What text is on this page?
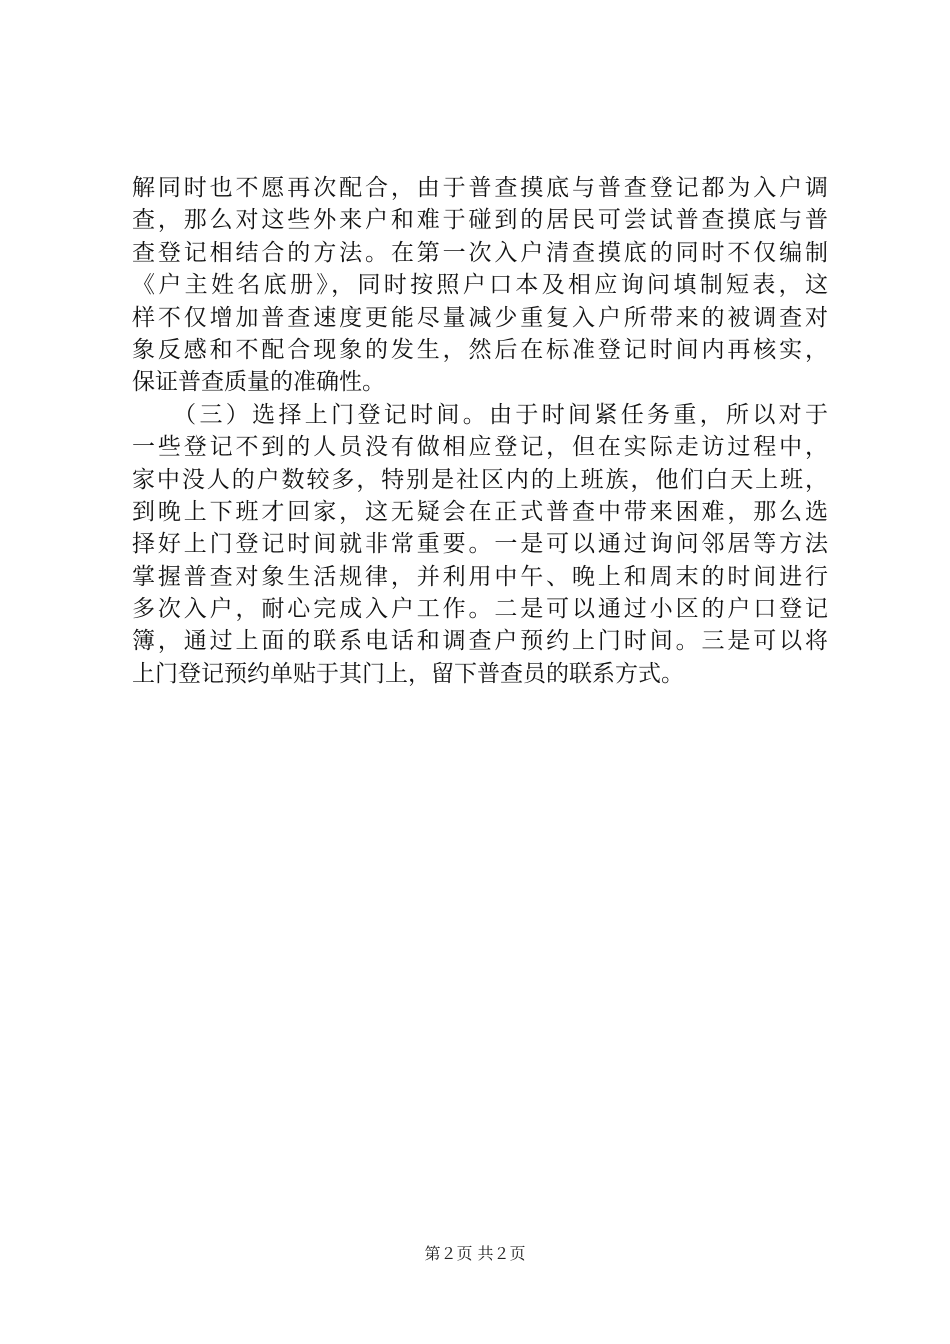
解同时也不愿再次配合，由于普查摸底与普查登记都为入户调
查，那么对这些外来户和难于碰到的居民可尝试普查摸底与普
查登记相结合的方法。在第一次入户清查摸底的同时不仅编制
《户主姓名底册》，同时按照户口本及相应询问填制短表，这
样不仅增加普查速度更能尽量减少重复入户所带来的被调查对
象反感和不配合现象的发生，然后在标准登记时间内再核实，
保证普查质量的准确性。
　　（三）选择上门登记时间。由于时间紧任务重，所以对于
一些登记不到的人员没有做相应登记，但在实际走访过程中，
家中没人的户数较多，特别是社区内的上班族，他们白天上班，
到晚上下班才回家，这无疑会在正式普查中带来困难，那么选
择好上门登记时间就非常重要。一是可以通过询问邻居等方法
掌握普查对象生活规律，并利用中午、晚上和周末的时间进行
多次入户，耐心完成入户工作。二是可以通过小区的户口登记
簿，通过上面的联系电话和调查户预约上门时间。三是可以将
上门登记预约单贴于其门上，留下普查员的联系方式。
第２页 共２页
